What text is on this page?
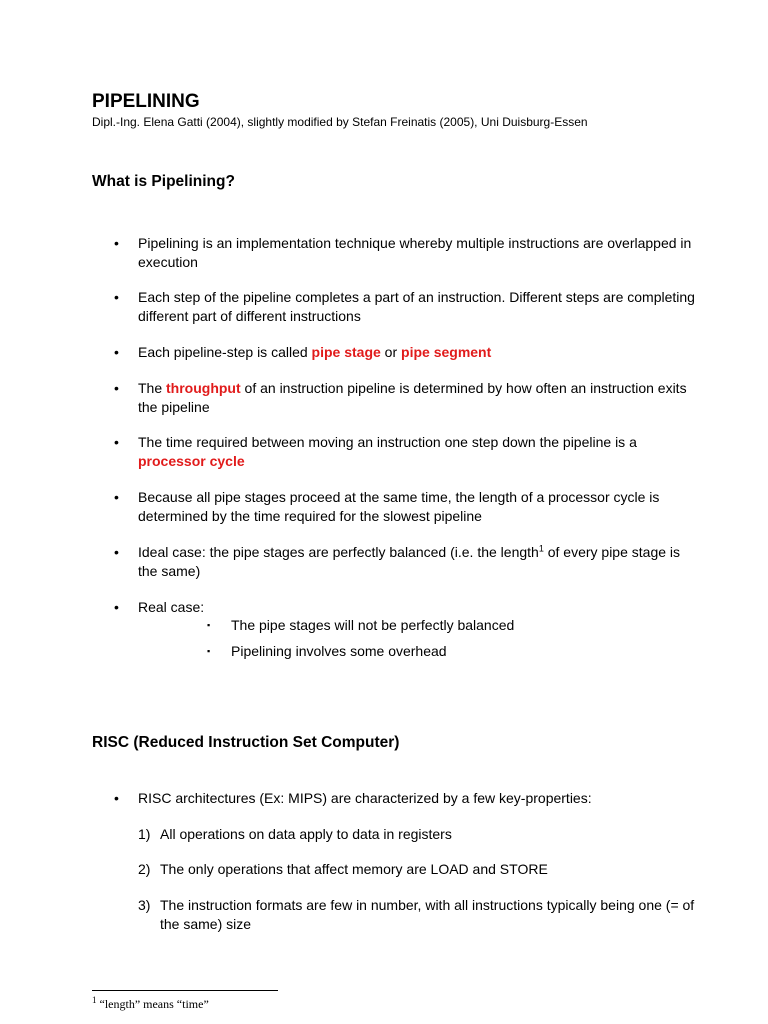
PIPELINING
Dipl.-Ing. Elena Gatti (2004), slightly modified by Stefan Freinatis (2005), Uni Duisburg-Essen
What is Pipelining?
• Pipelining is an implementation technique whereby multiple instructions are overlapped in execution
• Each step of the pipeline completes a part of an instruction. Different steps are completing different part of different instructions
• Each pipeline-step is called pipe stage or pipe segment
• The throughput of an instruction pipeline is determined by how often an instruction exits the pipeline
• The time required between moving an instruction one step down the pipeline is a processor cycle
• Because all pipe stages proceed at the same time, the length of a processor cycle is determined by the time required for the slowest pipeline
• Ideal case: the pipe stages are perfectly balanced (i.e. the length$^1$ of every pipe stage is the same)
• Real case:
▪ The pipe stages will not be perfectly balanced
▪ Pipelining involves some overhead
RISC (Reduced Instruction Set Computer)
• RISC architectures (Ex: MIPS) are characterized by a few key-properties:
1) All operations on data apply to data in registers
2) The only operations that affect memory are LOAD and STORE
3) The instruction formats are few in number, with all instructions typically being one (= of the same) size
$^1$ “length” means “time”
